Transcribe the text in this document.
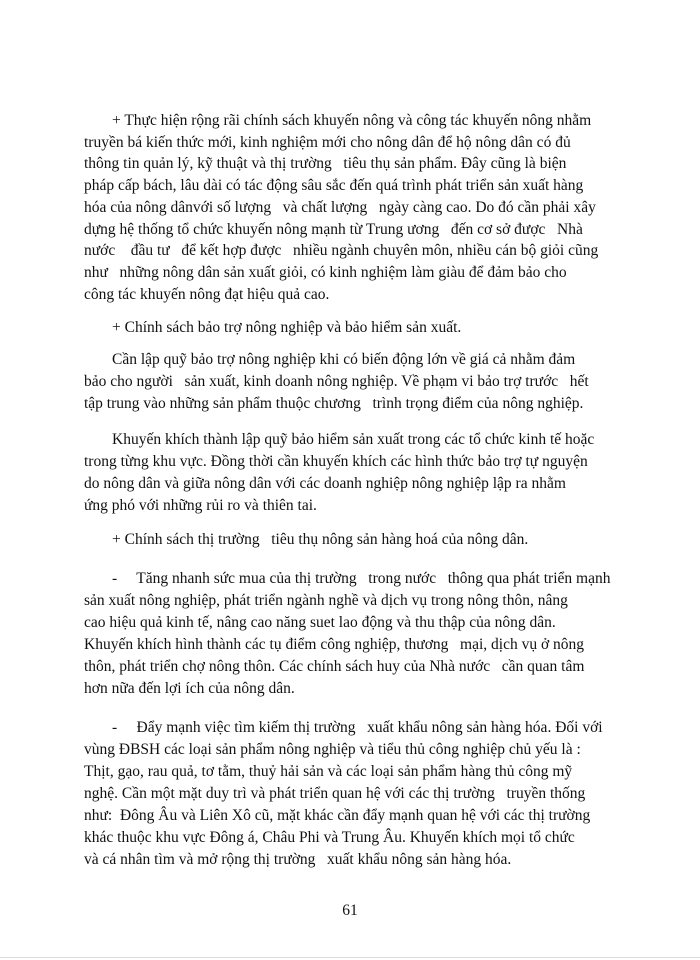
+ Thực hiện rộng rãi chính sách khuyến nông và công tác khuyến nông nhằm
truyền bá kiến thức mới, kinh nghiệm mới cho nông dân để hộ nông dân có đủ
thông tin quản lý, kỹ thuật và thị trường   tiêu thụ sản phẩm. Đây cũng là biện
pháp cấp bách, lâu dài có tác động sâu sắc đến quá trình phát triển sản xuất hàng
hóa của nông dânvới số lượng   và chất lượng   ngày càng cao. Do đó cần phải xây
dựng hệ thống tổ chức khuyến nông mạnh từ Trung ương   đến cơ sở được   Nhà
nước    đầu tư   để kết hợp được   nhiều ngành chuyên môn, nhiều cán bộ giỏi cũng
như   những nông dân sản xuất giỏi, có kinh nghiệm làm giàu để đảm bảo cho
công tác khuyến nông đạt hiệu quả cao.
+ Chính sách bảo trợ nông nghiệp và bảo hiểm sản xuất.
Cần lập quỹ bảo trợ nông nghiệp khi có biến động lớn về giá cả nhằm đảm
bảo cho người   sản xuất, kinh doanh nông nghiệp. Về phạm vi bảo trợ trước   hết
tập trung vào những sản phẩm thuộc chương   trình trọng điểm của nông nghiệp.
Khuyến khích thành lập quỹ bảo hiểm sản xuất trong các tổ chức kinh tế hoặc
trong từng khu vực. Đồng thời cần khuyến khích các hình thức bảo trợ tự nguyện
do nông dân và giữa nông dân với các doanh nghiệp nông nghiệp lập ra nhằm
ứng phó với những rủi ro và thiên tai.
+ Chính sách thị trường   tiêu thụ nông sản hàng hoá của nông dân.
-     Tăng nhanh sức mua của thị trường   trong nước   thông qua phát triển mạnh
sản xuất nông nghiệp, phát triển ngành nghề và dịch vụ trong nông thôn, nâng
cao hiệu quả kinh tế, nâng cao năng suet lao động và thu thập của nông dân.
Khuyến khích hình thành các tụ điểm công nghiệp, thương   mại, dịch vụ ở nông
thôn, phát triển chợ nông thôn. Các chính sách huy của Nhà nước   cần quan tâm
hơn nữa đến lợi ích của nông dân.
-     Đẩy mạnh việc tìm kiếm thị trường   xuất khẩu nông sản hàng hóa. Đối với
vùng ĐBSH các loại sản phẩm nông nghiệp và tiểu thủ công nghiệp chủ yếu là :
Thịt, gạo, rau quả, tơ tằm, thuỷ hải sản và các loại sản phẩm hàng thủ công mỹ
nghệ. Cần một mặt duy trì và phát triển quan hệ với các thị trường   truyền thống
như:  Đông Âu và Liên Xô cũ, mặt khác cần đẩy mạnh quan hệ với các thị trường
khác thuộc khu vực Đông á, Châu Phi và Trung Âu. Khuyến khích mọi tổ chức
và cá nhân tìm và mở rộng thị trường   xuất khẩu nông sản hàng hóa.
61
